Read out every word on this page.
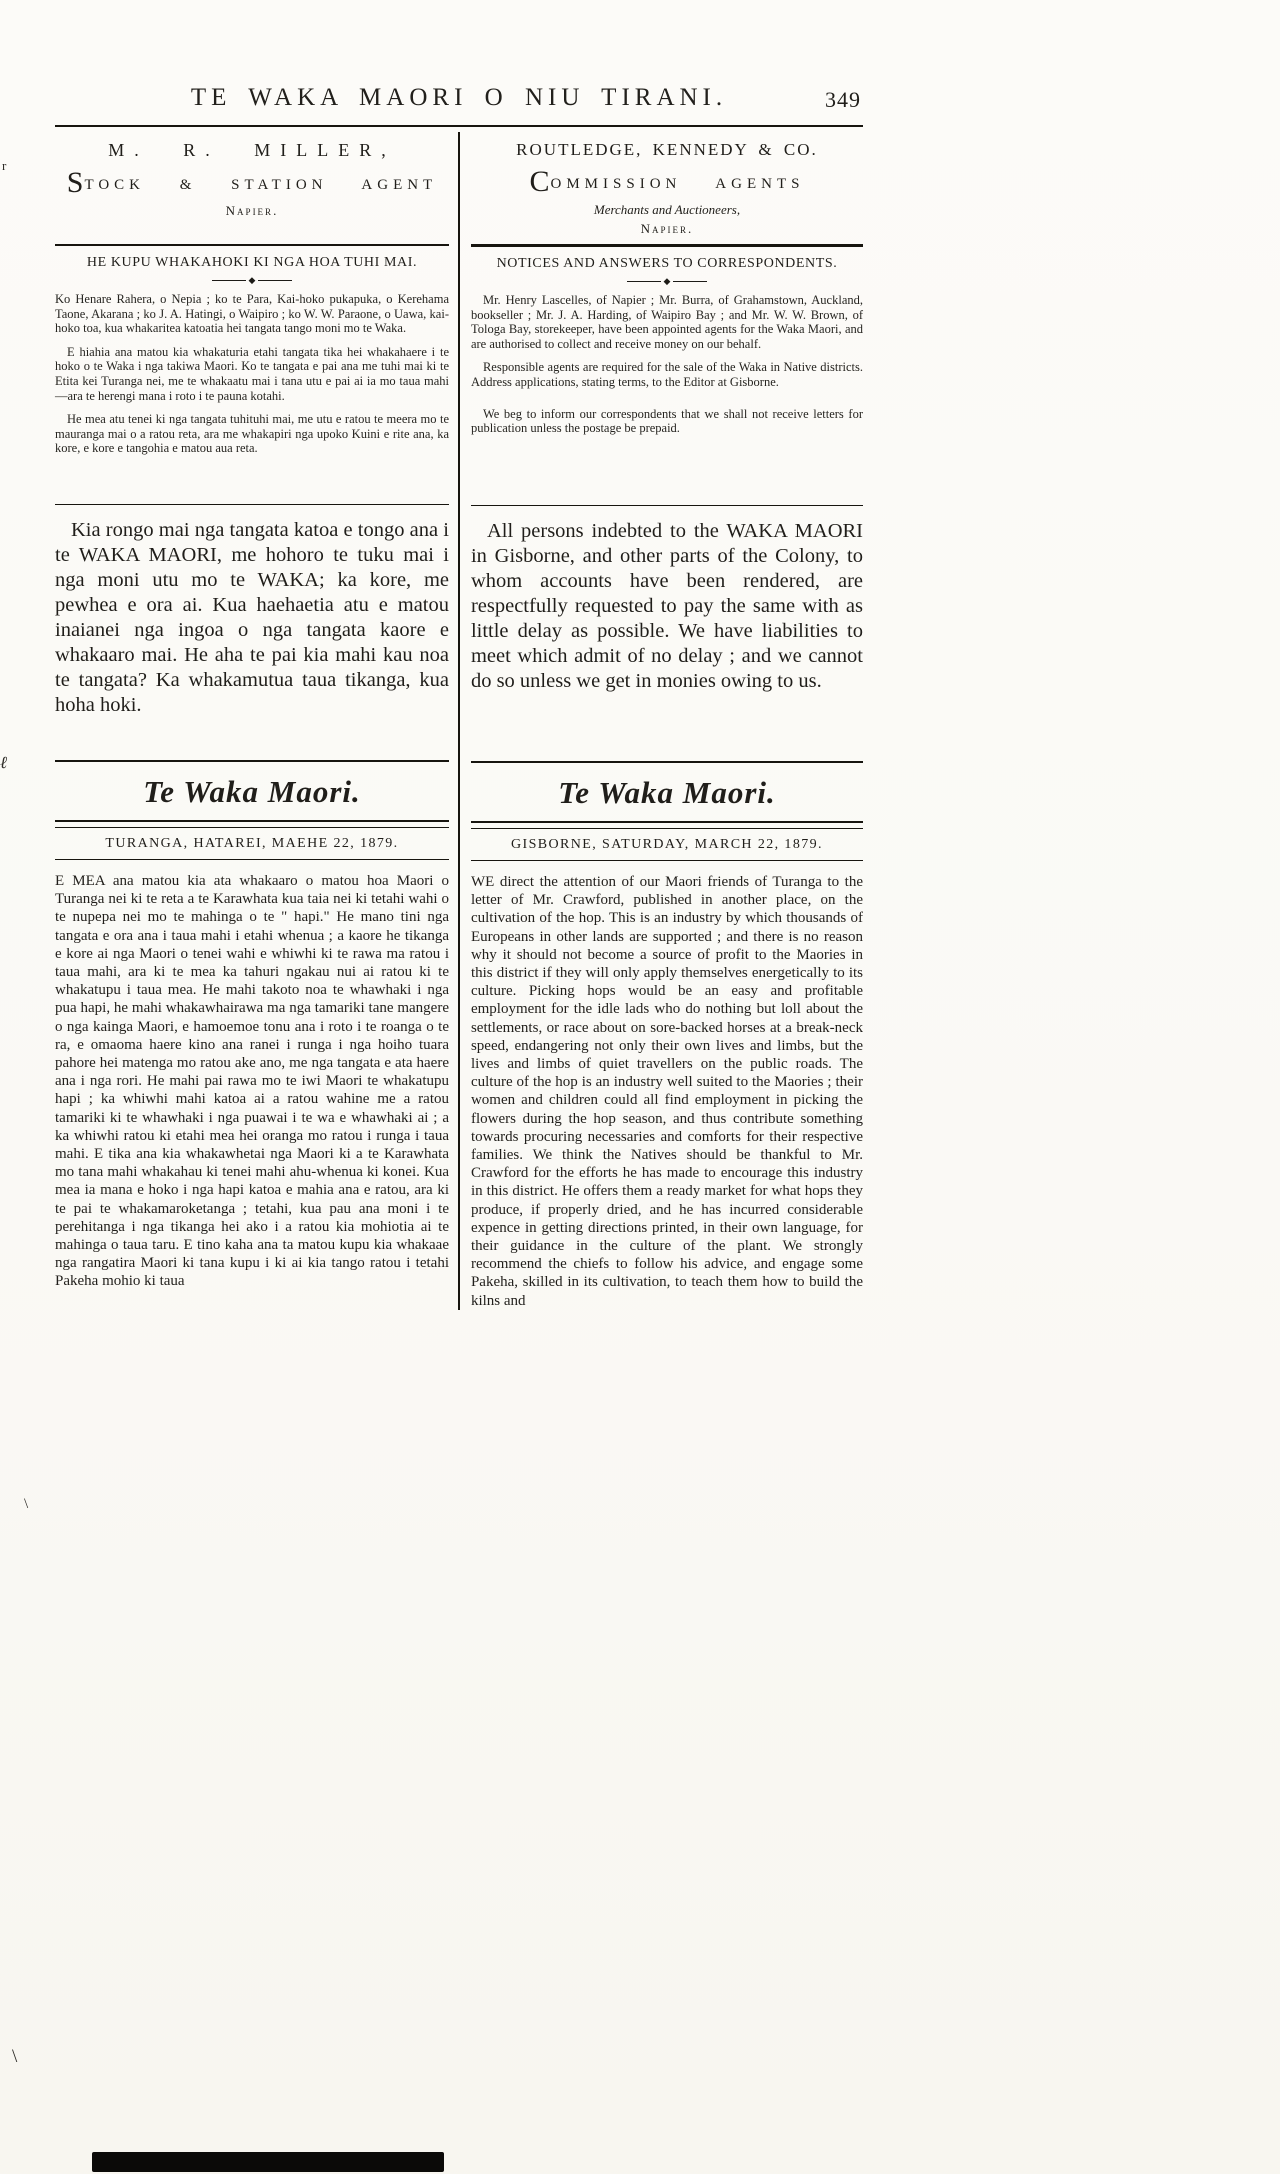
TE WAKA MAORI O NIU TIRANI.	349
M. R. MILLER,
STOCK & STATION AGENT
Napier.
HE KUPU WHAKAHOKI KI NGA HOA TUHI MAI.
◆

Ko Henare Rahera, o Nepia ; ko te Para, Kai-hoko pukapuka, o Kerehama Taone, Akarana ; ko J. A. Hatingi, o Waipiro ; ko W. W. Paraone, o Uawa, kai-hoko toa, kua whakaritea katoatia hei tangata tango moni mo te Waka.

E hiahia ana matou kia whakaturia etahi tangata tika hei whakahaere i te hoko o te Waka i nga takiwa Maori. Ko te tangata e pai ana me tuhi mai ki te Etita kei Turanga nei, me te whakaatu mai i tana utu e pai ai ia mo taua mahi—ara te herengi mana i roto i te pauna kotahi.

He mea atu tenei ki nga tangata tuhituhi mai, me utu e ratou te meera mo te mauranga mai o a ratou reta, ara me whakapiri nga upoko Kuini e rite ana, ka kore, e kore e tangohia e matou aua reta.

Kia rongo mai nga tangata katoa e tongo ana i te WAKA MAORI, me hohoro te tuku mai i nga moni utu mo te WAKA; ka kore, me pewhea e ora ai. Kua haehaetia atu e matou inaianei nga ingoa o nga tangata kaore e whakaaro mai. He aha te pai kia mahi kau noa te tangata? Ka whakamutua taua tikanga, kua hoha hoki.

Te Waka Maori.
TURANGA, HATAREI, MAEHE 22, 1879.

E MEA ana matou kia ata whakaaro o matou hoa Maori o Turanga nei ki te reta a te Karawhata kua taia nei ki tetahi wahi o te nupepa nei mo te mahinga o te " hapi." He mano tini nga tangata e ora ana i taua mahi i etahi whenua ; a kaore he tikanga e kore ai nga Maori o tenei wahi e whiwhi ki te rawa ma ratou i taua mahi, ara ki te mea ka tahuri ngakau nui ai ratou ki te whakatupu i taua mea. He mahi takoto noa te whawhaki i nga pua hapi, he mahi whakawhairawa ma nga tamariki tane mangere o nga kainga Maori, e hamoemoe tonu ana i roto i te roanga o te ra, e omaoma haere kino ana ranei i runga i nga hoiho tuara pahore hei matenga mo ratou ake ano, me nga tangata e ata haere ana i nga rori. He mahi pai rawa mo te iwi Maori te whakatupu hapi ; ka whiwhi mahi katoa ai a ratou wahine me a ratou tamariki ki te whawhaki i nga puawai i te wa e whawhaki ai ; a ka whiwhi ratou ki etahi mea hei oranga mo ratou i runga i taua mahi. E tika ana kia whakawhetai nga Maori ki a te Karawhata mo tana mahi whakahau ki tenei mahi ahu-whenua ki konei. Kua mea ia mana e hoko i nga hapi katoa e mahia ana e ratou, ara ki te pai te whakamaroketanga ; tetahi, kua pau ana moni i te perehitanga i nga tikanga hei ako i a ratou kia mohiotia ai te mahinga o taua taru. E tino kaha ana ta matou kupu kia whakaae nga rangatira Maori ki tana kupu i ki ai kia tango ratou i tetahi Pakeha mohio ki taua

ROUTLEDGE, KENNEDY & CO.
COMMISSION AGENTS
Merchants and Auctioneers,
Napier.
NOTICES AND ANSWERS TO CORRESPONDENTS.
◆

Mr. Henry Lascelles, of Napier ; Mr. Burra, of Grahamstown, Auckland, bookseller ; Mr. J. A. Harding, of Waipiro Bay ; and Mr. W. W. Brown, of Tologa Bay, storekeeper, have been appointed agents for the Waka Maori, and are authorised to collect and receive money on our behalf.

Responsible agents are required for the sale of the Waka in Native districts. Address applications, stating terms, to the Editor at Gisborne.

We beg to inform our correspondents that we shall not receive letters for publication unless the postage be prepaid.

All persons indebted to the WAKA MAORI in Gisborne, and other parts of the Colony, to whom accounts have been rendered, are respectfully requested to pay the same with as little delay as possible. We have liabilities to meet which admit of no delay ; and we cannot do so unless we get in monies owing to us.

Te Waka Maori.
GISBORNE, SATURDAY, MARCH 22, 1879.

WE direct the attention of our Maori friends of Turanga to the letter of Mr. Crawford, published in another place, on the cultivation of the hop. This is an industry by which thousands of Europeans in other lands are supported ; and there is no reason why it should not become a source of profit to the Maories in this district if they will only apply themselves energetically to its culture. Picking hops would be an easy and profitable employment for the idle lads who do nothing but loll about the settlements, or race about on sore-backed horses at a break-neck speed, endangering not only their own lives and limbs, but the lives and limbs of quiet travellers on the public roads. The culture of the hop is an industry well suited to the Maories ; their women and children could all find employment in picking the flowers during the hop season, and thus contribute something towards procuring necessaries and comforts for their respective families. We think the Natives should be thankful to Mr. Crawford for the efforts he has made to encourage this industry in this district. He offers them a ready market for what hops they produce, if properly dried, and he has incurred considerable expence in getting directions printed, in their own language, for their guidance in the culture of the plant. We strongly recommend the chiefs to follow his advice, and engage some Pakeha, skilled in its cultivation, to teach them how to build the kilns and

r
ℓ
\
\
